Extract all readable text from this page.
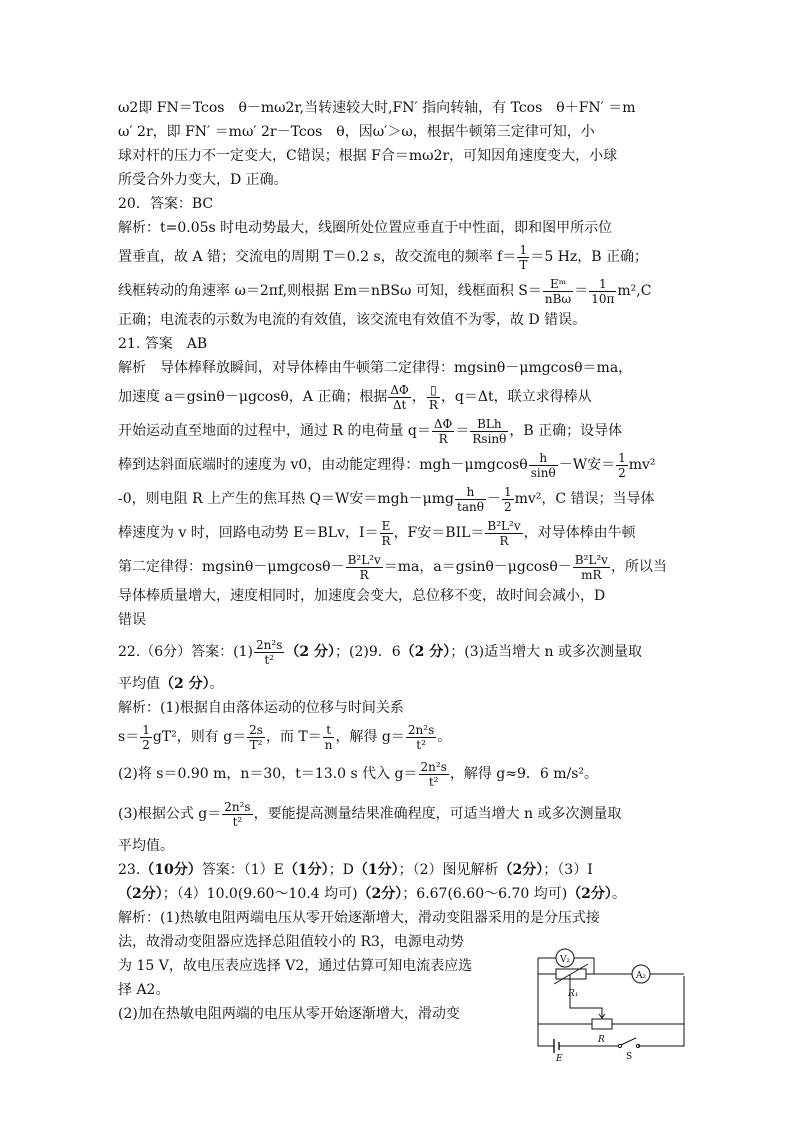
ω2即 FN＝Tcos　θ－mω2r,当转速较大时,FN′ 指向转轴，有 Tcos　θ＋FN′ ＝m
ω′ 2r，即 FN′ ＝mω′ 2r－Tcos　θ，因ω′＞ω，根据牛顿第三定律可知，小
球对杆的压力不一定变大，C错误；根据 F合＝mω2r，可知因角速度变大，小球
所受合外力变大，D 正确。
20．答案：BC
解析：t=0.05s 时电动势最大，线圈所处位置应垂直于中性面，即和图甲所示位
置垂直，故 A 错；交流电的周期 T＝0.2 s，故交流电的频率 $f= \frac{1}{T} =5$ Hz，B 正确；
线框转动的角速率 ω＝2πf,则根据 Em＝nBSω 可知，线框面积 $S= \frac{\text{Eᵐ}}{\text{nBω}} = \frac{1}{10\pi} m^2,C$
正确；电流表的示数为电流的有效值，该交流电有效值不为零，故 D 错误。
21. 答案　AB
解析　导体棒释放瞬间，对导体棒由牛顿第二定律得：mgsinθ－μmgcosθ＝ma，
加速度 a＝gsinθ－μgcosθ，A 正确；根据 $\frac{\Delta\Phi}{\Delta t}$ ， $\frac{▯}{R}$ ，q＝Δt，联立求得棒从
开始运动直至地面的过程中，通过 R 的电荷量 $q= \frac{\Delta\Phi}{R} = \frac{\text{BLh}}{Rsin\theta}$ ，B 正确；设导体
棒到达斜面底端时的速度为 v0，由动能定理得：$mgh-\mu mgcos\theta \frac{h}{\sin\theta} -W$安＝ $\frac{1}{2} mv^2$
-0，则电阻 R 上产生的焦耳热 Q＝W安$=mgh-\mu mg \frac{h}{\tan\theta} - \frac{1}{2} mv^2$，C 错误；当导体
棒速度为 v 时，回路电动势 E＝BLv，$I= \frac{E}{R}$ ，F安$=BIL= \frac{\text{B²L²v}}{R}$ ，对导体棒由牛顿
第二定律得：$mgsin\theta-\mu mgcos\theta- \frac{\text{B²L²v}}{R} =ma$，$a=gsin\theta-\mu gcos\theta- \frac{\text{B²L²v}}{mR}$ ，所以当
导体棒质量增大，速度相同时，加速度会变大，总位移不变，故时间会减小，D
错误
22.（6分）答案：$(1) \frac{\text{2n²s}}{\text{t²}} (2$ 分）；(2)9．6（2 分）；(3)适当增大 n 或多次测量取
平均值（2 分）。
解析：(1)根据自由落体运动的位移与时间关系
$s= \frac{1}{2} gT^2$，则有 $g= \frac{2s}{\text{T²}}$ ，而 $T= \frac{t}{n}$ ，解得 $g= \frac{\text{2n²s}}{\text{t²}}$ 。
(2)将 s＝0.90 m，n＝30，t＝13.0 s 代入 $g= \frac{\text{2n²s}}{\text{t²}}$ ，解得 g≈9．6 m/s²。
(3)根据公式 $g= \frac{\text{2n²s}}{\text{t²}}$ ，要能提高测量结果准确程度，可适当增大 n 或多次测量取
平均值。
23.（10分）答案：（1）E（1分）；D（1分）；（2）图见解析（2分）；（3）I
（2分）；（4）10.0(9.60～10.4 均可)（2分）；6.67(6.60～6.70 均可)（2分）。
解析：(1)热敏电阻两端电压从零开始逐渐增大，滑动变阻器采用的是分压式接
法，故滑动变阻器应选择总阻值较小的 R3，电源电动势
为 15 V，故电压表应选择 V2，通过估算可知电流表应选
择 A2。
(2)加在热敏电阻两端的电压从零开始逐渐增大，滑动变
V₂
R₁
A₂
R
E	S
